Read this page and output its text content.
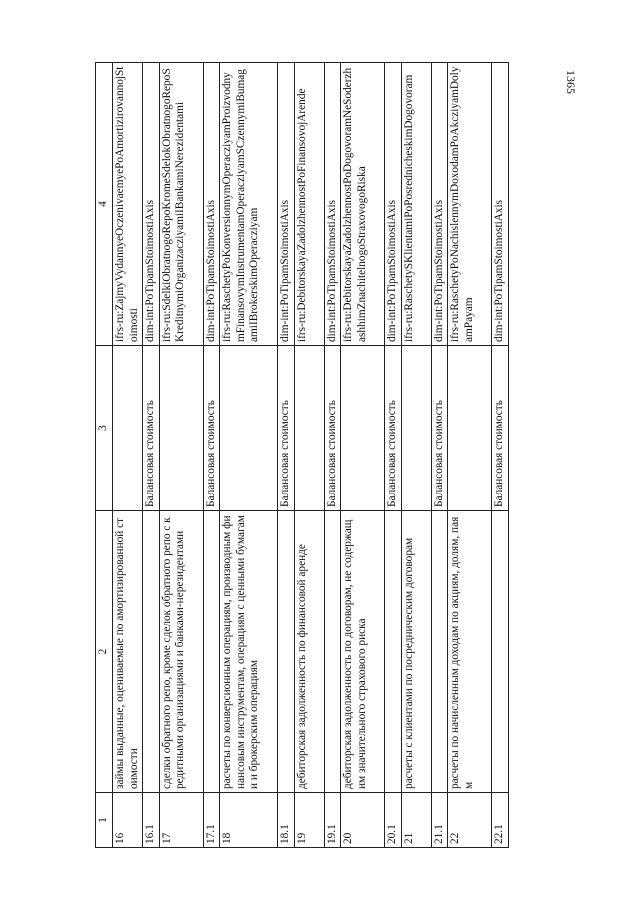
1365
1	2	3	4
16	займы выданные, оцениваемые по амортизированной стоимости		ifrs-ru:ZajmyVydannyeOczenivaemyePoAmortizirovannojStoimosti
16.1		Балансовая стоимость	dim-int:PoTipamStoimostiAxis
17	сделки обратного репо, кроме сделок обратного репо с кредитными организациями и банками-нерезидентами		ifrs-ru:SdelkiObratnogoRepoKromeSdelokObratnogoRepoSKreditnymiOrganizacziyamiIBankamiNerezidentami
17.1		Балансовая стоимость	dim-int:PoTipamStoimostiAxis
18	расчеты по конверсионным операциям, производным финансовым инструментам, операциям с ценными бумагами и брокерским операциям		ifrs-ru:RaschetyPoKonversionnymOperacziyamProizvodnymFinansovymInstrumentamOperacziyamSCzennymiBumagamiIBrokerskimOperacziyam
18.1		Балансовая стоимость	dim-int:PoTipamStoimostiAxis
19	дебиторская задолженность по финансовой аренде		ifrs-ru:DebitorskayaZadolzhennostPoFinansovojArende
19.1		Балансовая стоимость	dim-int:PoTipamStoimostiAxis
20	дебиторская задолженность по договорам, не содержащим значительного страхового риска		ifrs-ru:DebitorskayaZadolzhennostPoDogovoramNeSoderzhashhimZnachitelnogoStraxovogoRiska
20.1		Балансовая стоимость	dim-int:PoTipamStoimostiAxis
21	расчеты с клиентами по посредническим договорам		ifrs-ru:RaschetySKlientamiPoPosrednicheskimDogovoram
21.1		Балансовая стоимость	dim-int:PoTipamStoimostiAxis
22	расчеты по начисленным доходам по акциям, долям, паям		ifrs-ru:RaschetyPoNachislennymDoxodamPoAkcziyamDolyamPayam
22.1		Балансовая стоимость	dim-int:PoTipamStoimostiAxis
